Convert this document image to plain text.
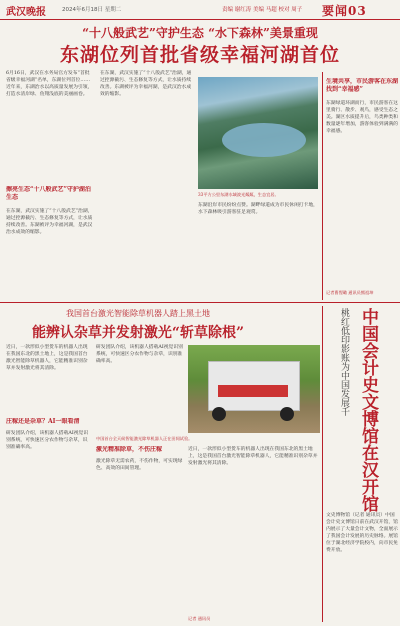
武汉晚报	2024年6月18日 星期二	责编 谢红涛 美编 马超 校对 周子 要闻03
“十八般武艺”守护生态 “水下森林”美景重现
东湖位列首批省级幸福河湖首位
6月16日，武汉在水务局官方发布“首批省级幸福河湖”名单，东湖位列首位……近年来，东湖治水以高质量发展为引领，打造水清岸绿、鱼翔浅底的美丽画卷。
擦亮生态“十八般武艺”守护湖泊生态
在东湖，武汉实施了“十八般武艺”治湖，通过控源截污、生态修复等方式，让水质持续改善。东湖被评为幸福河湖，是武汉治水成效的缩影。
在东湖，武汉实施了“十八般武艺”治湖，通过控源截污、生态修复等方式，让水质持续改善。东湖被评为幸福河湖，是武汉治水成效的缩影。
33平方公里东湖水域波光粼粼，生态宜居。
东湖沿岸市民纷纷点赞。湖畔绿道成为市民休闲打卡地，水下森林吸引游客驻足观赏。
生境共享，市民游客在东湖找到“幸福感”
东湖绿道环湖而行，市民游客在这里骑行、散步、观鸟，感受生态之美。湖区水质提升后，鸟类种类和数量逐年增加，游客体验到满满的幸福感。
记者曹惺璐 通讯员熊祖坤
我国首台激光智能除草机器人踏上黑土地
能辨认杂草并发射激光“斩草除根”
近日，一款形似小型货车的机器人出现在我国东北的黑土地上，这是我国首台激光智能除草机器人，它能精准识别杂草并发射激光将其清除。
庄稼还是杂草？AI一眼看清
研发团队介绍，该机器人搭载AI视觉识别系统，可快速区分农作物与杂草，识别准确率高。
研发团队介绍，该机器人搭载AI视觉识别系统，可快速区分农作物与杂草，识别准确率高。
中国首台全天候智能激光除草机器人正在田间试验。
激光精准除草，不伤庄稼
激光除草无需农药，不伤作物，可实现绿色、高效的田间管理。
近日，一款形似小型货车的机器人出现在我国东北的黑土地上，这是我国首台激光智能除草机器人，它能精准识别杂草并发射激光将其清除。
记者 通讯员
中国会计史文博馆在汉开馆
桃红低印影账为中国发展千
文史博物馆（记者 通讯员）中国会计史文博馆日前在武汉开馆，馆内展示了大量会计文物，全面展示了我国会计发展的历史脉络。展馆位于湖北经济学院校内，向市民免费开放。
